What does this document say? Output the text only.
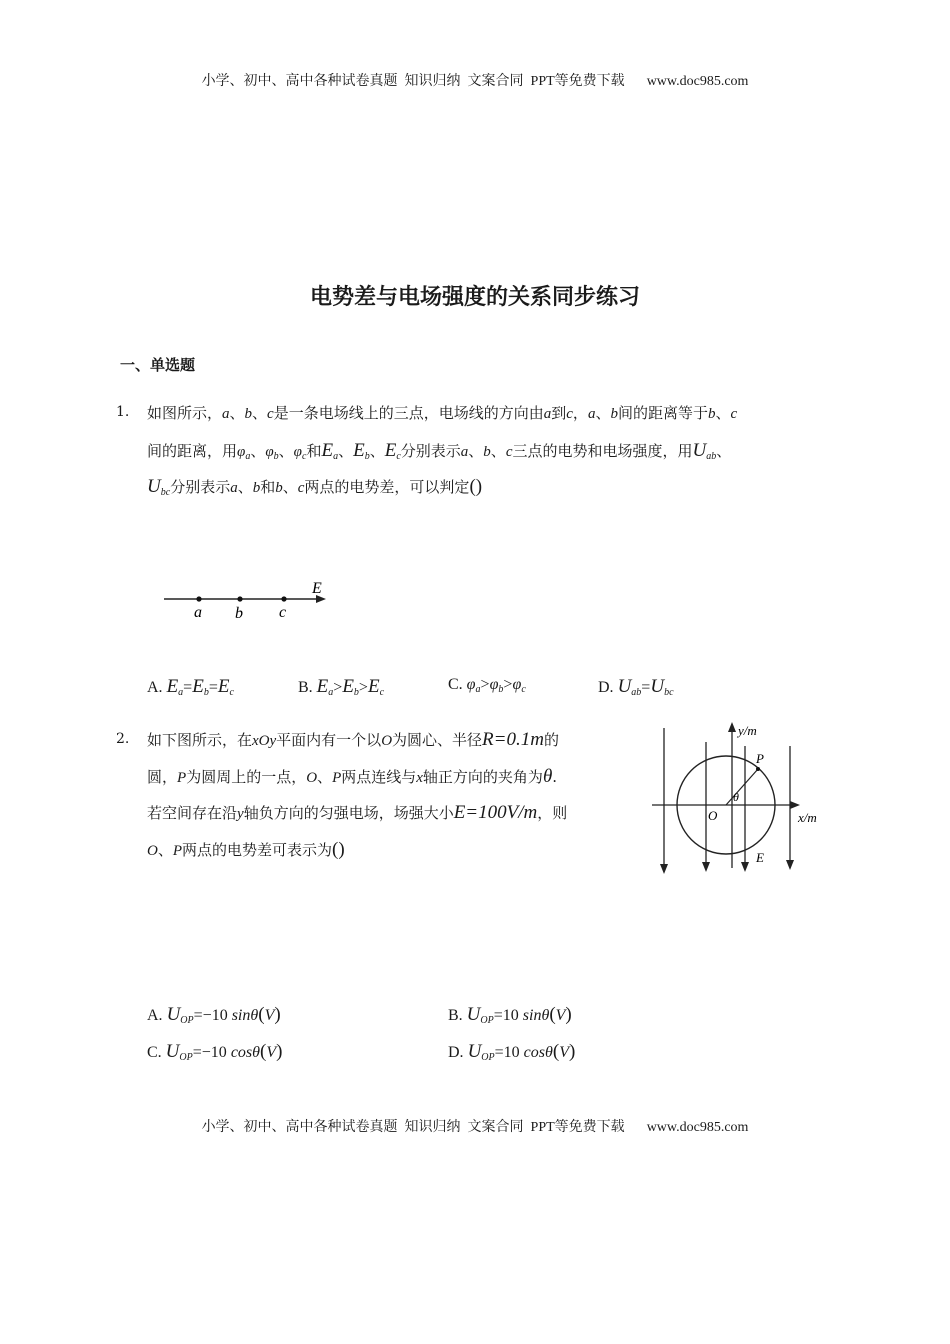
小学、初中、高中各种试卷真题  知识归纳  文案合同  PPT等免费下载 www.doc985.com
电势差与电场强度的关系同步练习
一、单选题
1. 如图所示，a、b、c是一条电场线上的三点，电场线的方向由a到c，a、b间的距离等于b、c
间的距离，用$\varphi_a$、$\varphi_b$、$\varphi_c$和$E_a$、$E_b$、$E_c$分别表示a、b、c三点的电势和电场强度，用$U_{ab}$、
$U_{bc}$分别表示a、b和b、c两点的电势差，可以判定()
a b c
E
A. $E_a=E_b=E_c$	B. $E_a>E_b>E_c$	C. $\varphi_a>\varphi_b>\varphi_c$	D. $U_{ab}=U_{bc}$
2. 如下图所示，在xOy平面内有一个以O为圆心、半径R=0.1m的
圆，P为圆周上的一点，O、P两点连线与x轴正方向的夹角为θ.
若空间存在沿y轴负方向的匀强电场，场强大小E=100V/m，则
O、P两点的电势差可表示为()
y/m
x/m
P
O
θ
E
A. $U_{OP}=-10$ sinθ(V)	B. $U_{OP}=10$ sinθ(V)
C. $U_{OP}=-10$ cosθ(V)	D. $U_{OP}=10$ cosθ(V)
小学、初中、高中各种试卷真题  知识归纳  文案合同  PPT等免费下载 www.doc985.com
